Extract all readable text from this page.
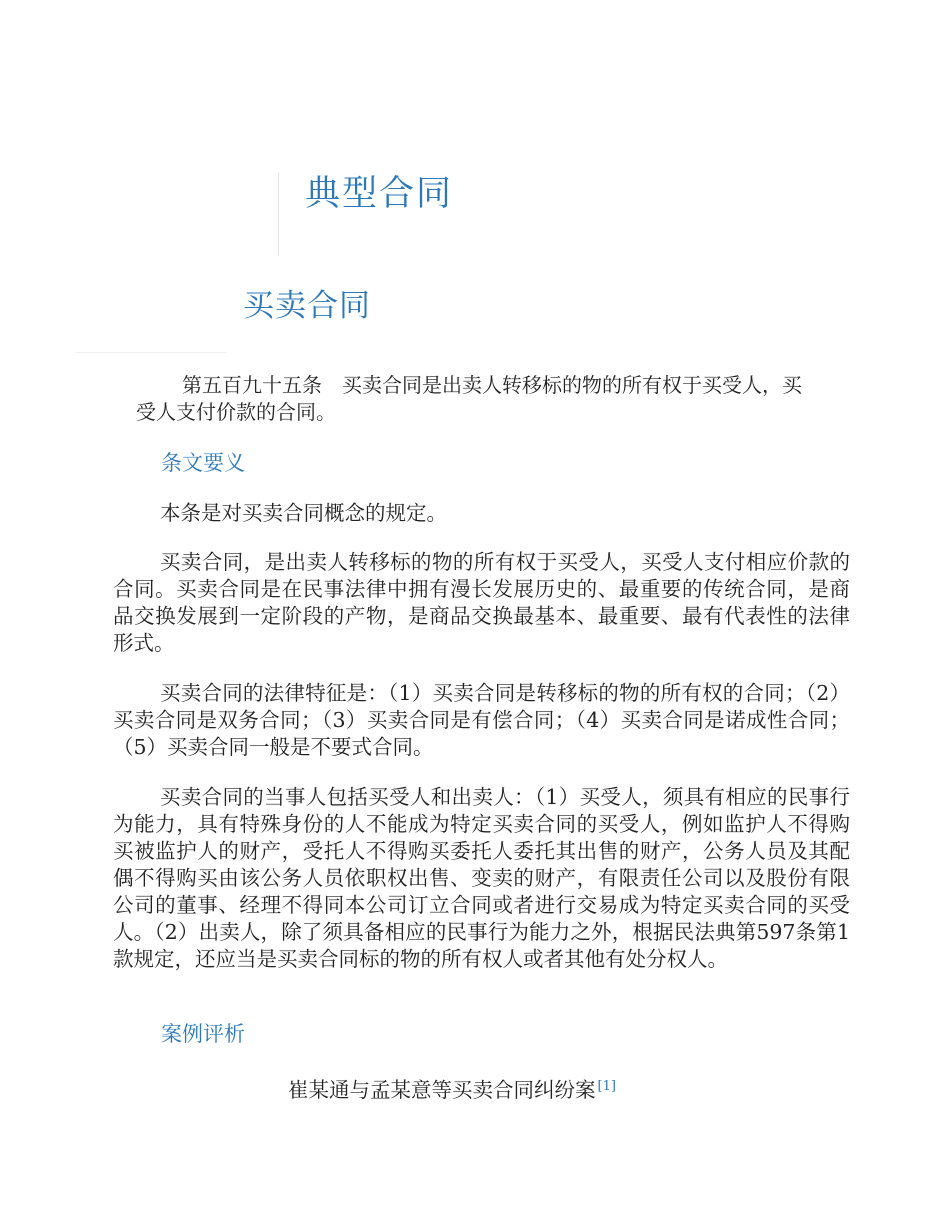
典型合同
买卖合同

第五百九十五条　买卖合同是出卖人转移标的物的所有权于买受人，买受人支付价款的合同。

条文要义

本条是对买卖合同概念的规定。

买卖合同，是出卖人转移标的物的所有权于买受人，买受人支付相应价款的合同。买卖合同是在民事法律中拥有漫长发展历史的、最重要的传统合同，是商品交换发展到一定阶段的产物，是商品交换最基本、最重要、最有代表性的法律形式。

买卖合同的法律特征是：（1）买卖合同是转移标的物的所有权的合同；（2）买卖合同是双务合同；（3）买卖合同是有偿合同；（4）买卖合同是诺成性合同；（5）买卖合同一般是不要式合同。

买卖合同的当事人包括买受人和出卖人：（1）买受人，须具有相应的民事行为能力，具有特殊身份的人不能成为特定买卖合同的买受人，例如监护人不得购买被监护人的财产，受托人不得购买委托人委托其出售的财产，公务人员及其配偶不得购买由该公务人员依职权出售、变卖的财产，有限责任公司以及股份有限公司的董事、经理不得同本公司订立合同或者进行交易成为特定买卖合同的买受人。（2）出卖人，除了须具备相应的民事行为能力之外，根据民法典第597条第1款规定，还应当是买卖合同标的物的所有权人或者其他有处分权人。

案例评析
崔某通与孟某意等买卖合同纠纷案 [1]
